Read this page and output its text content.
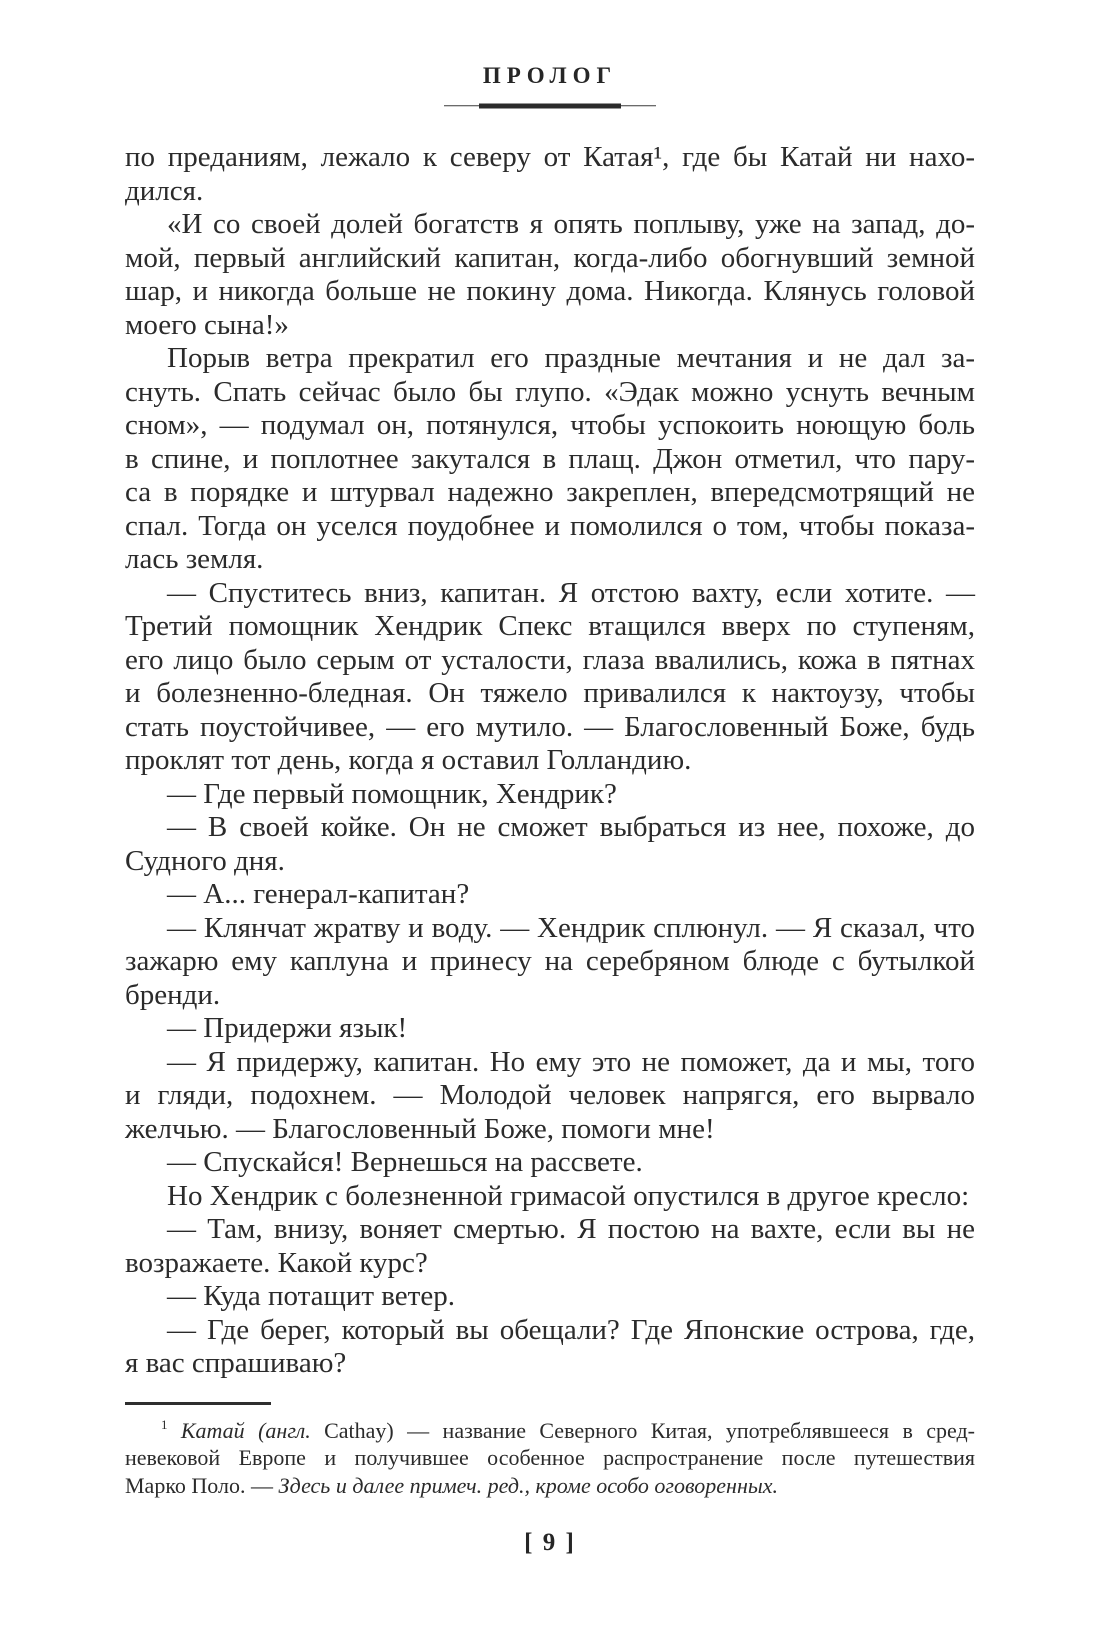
ПРОЛОГ
по преданиям, лежало к северу от Катая¹, где бы Катай ни нахо-
дился.
«И со своей долей богатств я опять поплыву, уже на запад, до-
мой, первый английский капитан, когда-либо обогнувший земной
шар, и никогда больше не покину дома. Никогда. Клянусь головой
моего сына!»
Порыв ветра прекратил его праздные мечтания и не дал за-
снуть. Спать сейчас было бы глупо. «Эдак можно уснуть вечным
сном», — подумал он, потянулся, чтобы успокоить ноющую боль
в спине, и поплотнее закутался в плащ. Джон отметил, что пару-
са в порядке и штурвал надежно закреплен, впередсмотрящий не
спал. Тогда он уселся поудобнее и помолился о том, чтобы показа-
лась земля.
— Спуститесь вниз, капитан. Я отстою вахту, если хотите. —
Третий помощник Хендрик Спекс втащился вверх по ступеням,
его лицо было серым от усталости, глаза ввалились, кожа в пятнах
и болезненно-бледная. Он тяжело привалился к нактоузу, чтобы
стать поустойчивее, — его мутило. — Благословенный Боже, будь
проклят тот день, когда я оставил Голландию.
— Где первый помощник, Хендрик?
— В своей койке. Он не сможет выбраться из нее, похоже, до
Судного дня.
— А... генерал-капитан?
— Клянчат жратву и воду. — Хендрик сплюнул. — Я сказал, что
зажарю ему каплуна и принесу на серебряном блюде с бутылкой
бренди.
— Придержи язык!
— Я придержу, капитан. Но ему это не поможет, да и мы, того
и гляди, подохнем. — Молодой человек напрягся, его вырвало
желчью. — Благословенный Боже, помоги мне!
— Спускайся! Вернешься на рассвете.
Но Хендрик с болезненной гримасой опустился в другое кресло:
— Там, внизу, воняет смертью. Я постою на вахте, если вы не
возражаете. Какой курс?
— Куда потащит ветер.
— Где берег, который вы обещали? Где Японские острова, где,
я вас спрашиваю?
$^1$ Катай (англ. Cathay) — название Северного Китая, употреблявшееся в сред-
невековой Европе и получившее особенное распространение после путешествия
Марко Поло. — Здесь и далее примеч. ред., кроме особо оговоренных.
[ 9 ]
